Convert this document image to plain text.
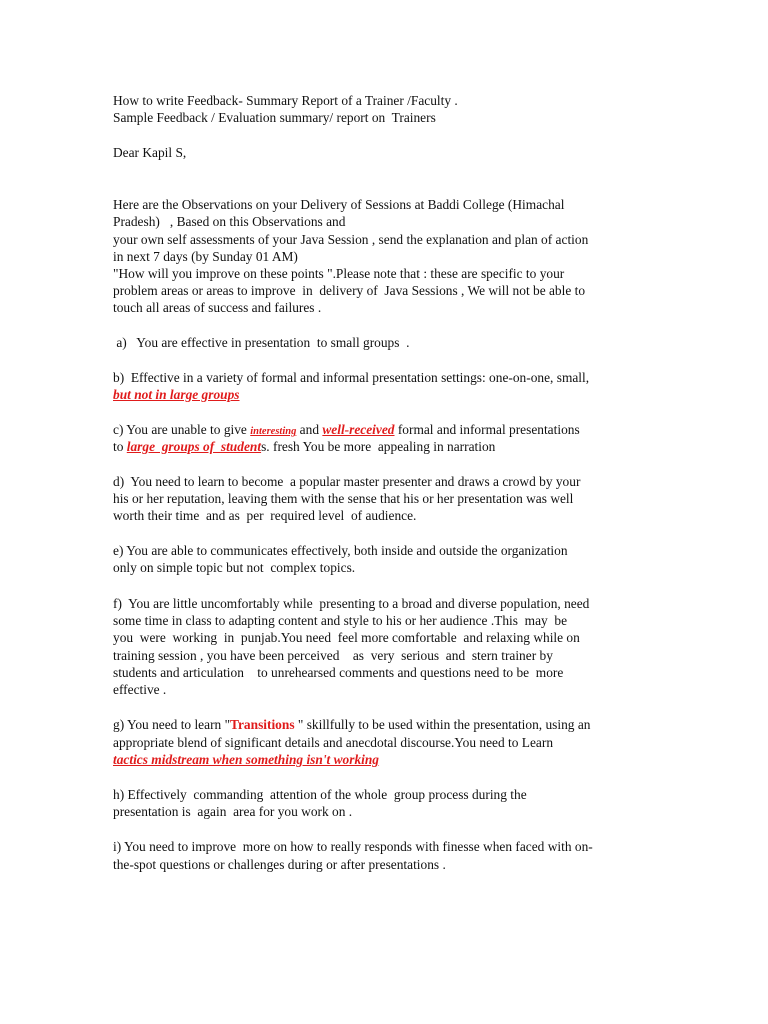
How to write Feedback- Summary Report of a Trainer /Faculty .
Sample Feedback / Evaluation summary/ report on  Trainers
Dear Kapil S,
Here are the Observations on your Delivery of Sessions at Baddi College (Himachal
Pradesh)   , Based on this Observations and
your own self assessments of your Java Session , send the explanation and plan of action
in next 7 days (by Sunday 01 AM)
"How will you improve on these points ".Please note that : these are specific to your
problem areas or areas to improve  in  delivery of  Java Sessions , We will not be able to
touch all areas of success and failures .
a)   You are effective in presentation  to small groups  .
b)  Effective in a variety of formal and informal presentation settings: one-on-one, small,
but not in large groups
c) You are unable to give interesting and well-received formal and informal presentations
to large  groups of  students. fresh You be more  appealing in narration
d)  You need to learn to become  a popular master presenter and draws a crowd by your
his or her reputation, leaving them with the sense that his or her presentation was well
worth their time  and as  per  required level  of audience.
e) You are able to communicates effectively, both inside and outside the organization
only on simple topic but not  complex topics.
f)  You are little uncomfortably while  presenting to a broad and diverse population, need
some time in class to adapting content and style to his or her audience .This  may  be
you  were  working  in  punjab.You need  feel more comfortable  and relaxing while on
training session , you have been perceived    as  very  serious  and  stern trainer by
students and articulation    to unrehearsed comments and questions need to be  more
effective .
g) You need to learn "Transitions " skillfully to be used within the presentation, using an
appropriate blend of significant details and anecdotal discourse.You need to Learn
tactics midstream when something isn't working
h) Effectively  commanding  attention of the whole  group process during the
presentation is  again  area for you work on .
i) You need to improve  more on how to really responds with finesse when faced with on-
the-spot questions or challenges during or after presentations .
